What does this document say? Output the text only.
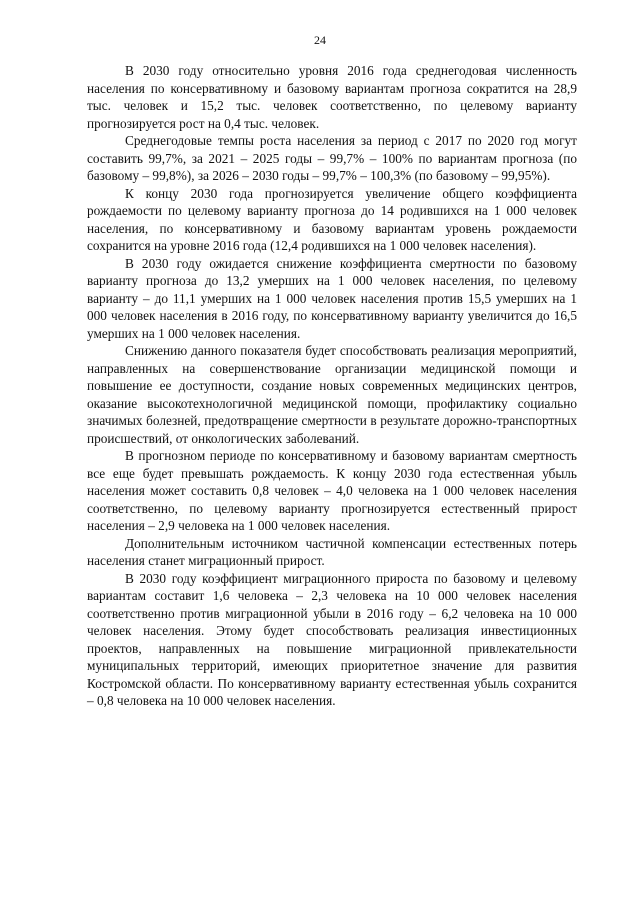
24

В 2030 году относительно уровня 2016 года среднегодовая численность населения по консервативному и базовому вариантам прогноза сократится на 28,9 тыс. человек и 15,2 тыс. человек соответственно, по целевому варианту прогнозируется рост на 0,4 тыс. человек.

Среднегодовые темпы роста населения за период с 2017 по 2020 год могут составить 99,7%, за 2021 – 2025 годы – 99,7% – 100% по вариантам прогноза (по базовому – 99,8%), за 2026 – 2030 годы – 99,7% – 100,3% (по базовому – 99,95%).

К концу 2030 года прогнозируется увеличение общего коэффициента рождаемости по целевому варианту прогноза до 14 родившихся на 1 000 человек населения, по консервативному и базовому вариантам уровень рождаемости сохранится на уровне 2016 года (12,4 родившихся на 1 000 человек населения).

В 2030 году ожидается снижение коэффициента смертности по базовому варианту прогноза до 13,2 умерших на 1 000 человек населения, по целевому варианту – до 11,1 умерших на 1 000 человек населения против 15,5 умерших на 1 000 человек населения в 2016 году, по консервативному варианту увеличится до 16,5 умерших на 1 000 человек населения.

Снижению данного показателя будет способствовать реализация мероприятий, направленных на совершенствование организации медицинской помощи и повышение ее доступности, создание новых современных медицинских центров, оказание высокотехнологичной медицинской помощи, профилактику социально значимых болезней, предотвращение смертности в результате дорожно-транспортных происшествий, от онкологических заболеваний.

В прогнозном периоде по консервативному и базовому вариантам смертность все еще будет превышать рождаемость. К концу 2030 года естественная убыль населения может составить 0,8 человек – 4,0 человека на 1 000 человек населения соответственно, по целевому варианту прогнозируется естественный прирост населения – 2,9 человека на 1 000 человек населения.

Дополнительным источником частичной компенсации естественных потерь населения станет миграционный прирост.

В 2030 году коэффициент миграционного прироста по базовому и целевому вариантам составит 1,6 человека – 2,3 человека на 10 000 человек населения соответственно против миграционной убыли в 2016 году – 6,2 человека на 10 000 человек населения. Этому будет способствовать реализация инвестиционных проектов, направленных на повышение миграционной привлекательности муниципальных территорий, имеющих приоритетное значение для развития Костромской области. По консервативному варианту естественная убыль сохранится – 0,8 человека на 10 000 человек населения.
